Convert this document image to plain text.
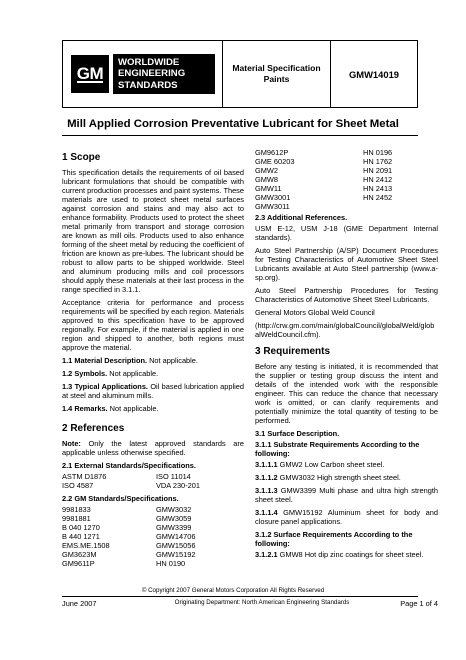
GM
WORLDWIDE
ENGINEERING
STANDARDS
Material Specification
Paints	GMW14019
Mill Applied Corrosion Preventative Lubricant for Sheet Metal
1 Scope

This specification details the requirements of oil based lubricant formulations that should be compatible with current production processes and paint systems. These materials are used to protect sheet metal surfaces against corrosion and stains and may also act to enhance formability. Products used to protect the sheet metal primarily from transport and storage corrosion are known as mill oils. Products used to also enhance forming of the sheet metal by reducing the coefficient of friction are known as pre-lubes. The lubricant should be robust to allow parts to be shipped worldwide. Steel and aluminum producing mills and coil processors should apply these materials at their last process in the range specified in 3.1.1.

Acceptance criteria for performance and process requirements will be specified by each region. Materials approved to this specification have to be approved regionally. For example, if the material is applied in one region and shipped to another, both regions must approve the material.

1.1 Material Description. Not applicable.

1.2 Symbols. Not applicable.

1.3 Typical Applications. Oil based lubrication applied at steel and aluminum mills.

1.4 Remarks. Not applicable.

2 References

Note: Only the latest approved standards are applicable unless otherwise specified.

2.1 External Standards/Specifications.
ASTM D1876	ISO 11014
ISO 4587	VDA 230-201
2.2 GM Standards/Specifications.
9981833	GMW3032
9981881	GMW3059
B 040 1270	GMW3399
B 440 1271	GMW14706
EMS.ME.1508	GMW15056
GM3623M	GMW15192
GM9611P	HN 0190
GM9612P	HN 0196
GME 60203	HN 1762
GMW2	HN 2091
GMW8	HN 2412
GMW11	HN 2413
GMW3001	HN 2452
GMW3011
2.3 Additional References.

USM E-12, USM J-18 (GME Department Internal standards).

Auto Steel Partnership (A/SP) Document Procedures for Testing Characteristics of Automotive Sheet Steel Lubricants available at Auto Steel partnership (www.a-sp.org).

Auto Steel Partnership Procedures for Testing Characteristics of Automotive Sheet Steel Lubricants.

General Motors Global Weld Council

(http://crw.gm.com/main/globalCouncil/globalWeld/globalWeldCouncil.cfm).

3 Requirements

Before any testing is initiated, it is recommended that the supplier or testing group discuss the intent and details of the intended work with the responsible engineer. This can reduce the chance that necessary work is omitted, or can clarify requirements and potentially minimize the total quantity of testing to be performed.

3.1 Surface Description.
3.1.1 Substrate Requirements According to the following:

3.1.1.1 GMW2 Low Carbon sheet steel.

3.1.1.2 GMW3032 High strength sheet steel.

3.1.1.3 GMW3399 Multi phase and ultra high strength sheet steel.

3.1.1.4 GMW15192 Aluminum sheet for body and closure panel applications.

3.1.2 Surface Requirements According to the following:

3.1.2.1 GMW8 Hot dip zinc coatings for sheet steel.

© Copyright 2007 General Motors Corporation All Rights Reserved
June 2007	Originating Department: North American Engineering Standards	Page 1 of 4
